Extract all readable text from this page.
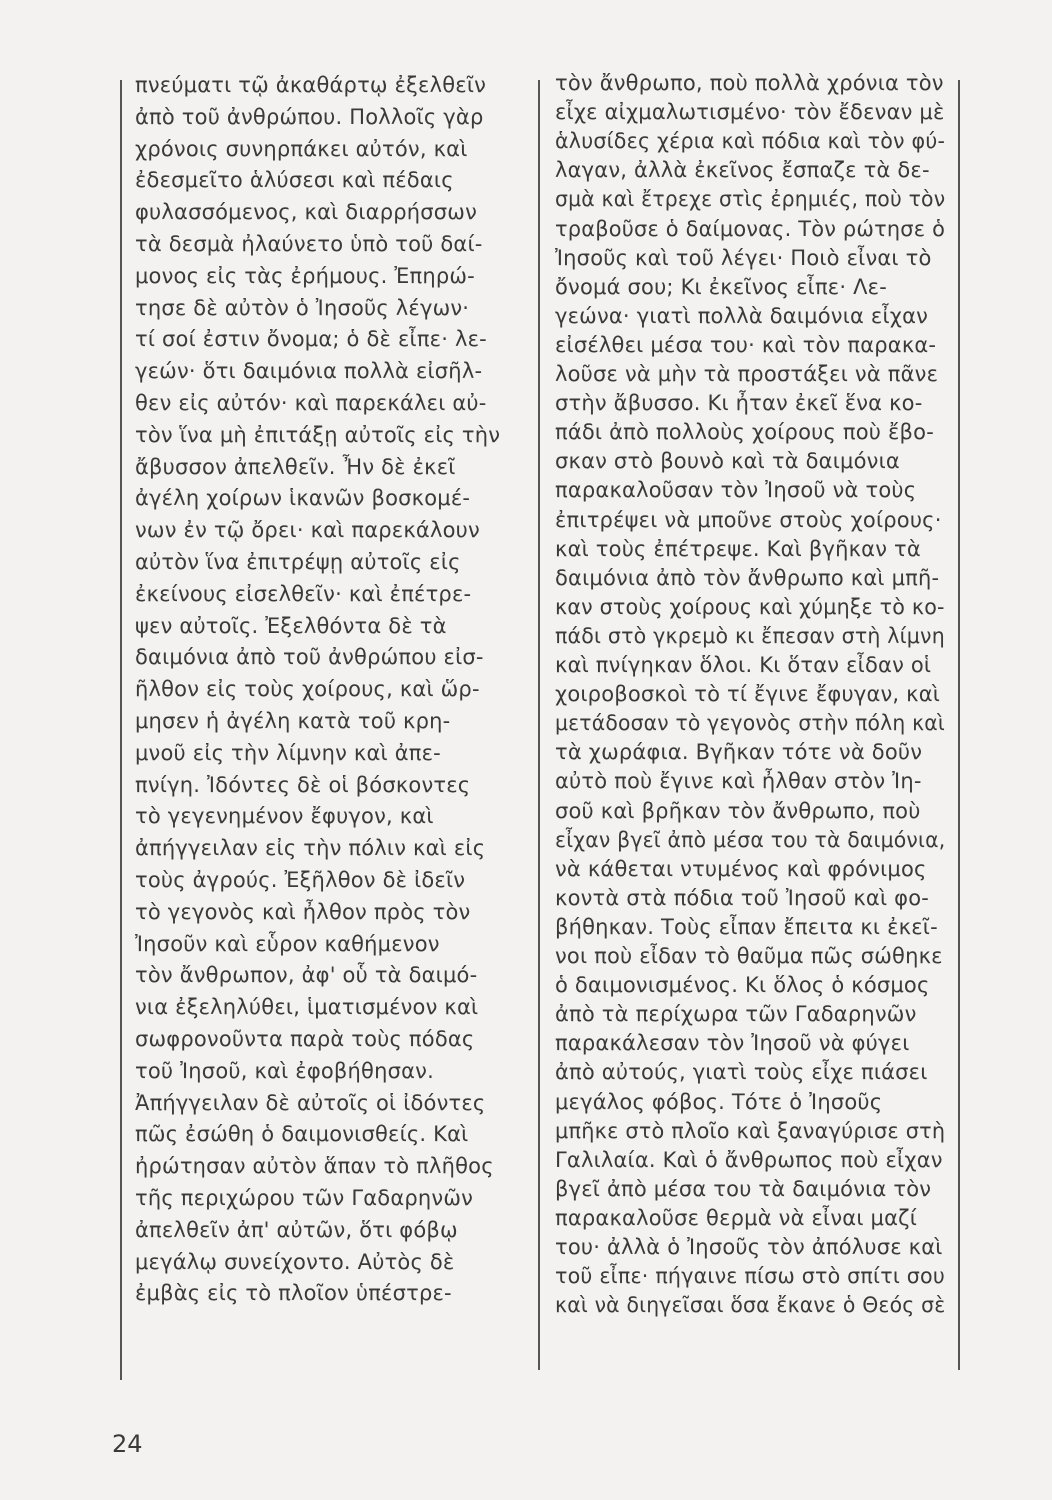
πνεύματι τῷ ἀκαθάρτῳ ἐξελθεῖν
ἀπὸ τοῦ ἀνθρώπου. Πολλοῖς γὰρ
χρόνοις συνηρπάκει αὐτόν, καὶ
ἐδεσμεῖτο ἁλύσεσι καὶ πέδαις
φυλασσόμενος, καὶ διαρρήσσων
τὰ δεσμὰ ἠλαύνετο ὑπὸ τοῦ δαί-
μονος εἰς τὰς ἐρήμους. Ἐπηρώ-
τησε δὲ αὐτὸν ὁ Ἰησοῦς λέγων·
τί σοί ἐστιν ὄνομα; ὁ δὲ εἶπε· λε-
γεών· ὅτι δαιμόνια πολλὰ εἰσῆλ-
θεν εἰς αὐτόν· καὶ παρεκάλει αὐ-
τὸν ἵνα μὴ ἐπιτάξῃ αὐτοῖς εἰς τὴν
ἄβυσσον ἀπελθεῖν. Ἦν δὲ ἐκεῖ
ἀγέλη χοίρων ἱκανῶν βοσκομέ-
νων ἐν τῷ ὄρει· καὶ παρεκάλουν
αὐτὸν ἵνα ἐπιτρέψῃ αὐτοῖς εἰς
ἐκείνους εἰσελθεῖν· καὶ ἐπέτρε-
ψεν αὐτοῖς. Ἐξελθόντα δὲ τὰ
δαιμόνια ἀπὸ τοῦ ἀνθρώπου εἰσ-
ῆλθον εἰς τοὺς χοίρους, καὶ ὥρ-
μησεν ἡ ἀγέλη κατὰ τοῦ κρη-
μνοῦ εἰς τὴν λίμνην καὶ ἀπε-
πνίγη. Ἰδόντες δὲ οἱ βόσκοντες
τὸ γεγενημένον ἔφυγον, καὶ
ἀπήγγειλαν εἰς τὴν πόλιν καὶ εἰς
τοὺς ἀγρούς. Ἐξῆλθον δὲ ἰδεῖν
τὸ γεγονὸς καὶ ἦλθον πρὸς τὸν
Ἰησοῦν καὶ εὗρον καθήμενον
τὸν ἄνθρωπον, ἀφ' οὗ τὰ δαιμό-
νια ἐξεληλύθει, ἱματισμένον καὶ
σωφρονοῦντα παρὰ τοὺς πόδας
τοῦ Ἰησοῦ, καὶ ἐφοβήθησαν.
Ἀπήγγειλαν δὲ αὐτοῖς οἱ ἰδόντες
πῶς ἐσώθη ὁ δαιμονισθείς. Καὶ
ἠρώτησαν αὐτὸν ἅπαν τὸ πλῆθος
τῆς περιχώρου τῶν Γαδαρηνῶν
ἀπελθεῖν ἀπ' αὐτῶν, ὅτι φόβῳ
μεγάλῳ συνείχοντο. Αὐτὸς δὲ
ἐμβὰς εἰς τὸ πλοῖον ὑπέστρε-
τὸν ἄνθρωπο, ποὺ πολλὰ χρόνια τὸν
εἶχε αἰχμαλωτισμένο· τὸν ἔδεναν μὲ
ἁλυσίδες χέρια καὶ πόδια καὶ τὸν φύ-
λαγαν, ἀλλὰ ἐκεῖνος ἔσπαζε τὰ δε-
σμὰ καὶ ἔτρεχε στὶς ἐρημιές, ποὺ τὸν
τραβοῦσε ὁ δαίμονας. Τὸν ρώτησε ὁ
Ἰησοῦς καὶ τοῦ λέγει· Ποιὸ εἶναι τὸ
ὄνομά σου; Κι ἐκεῖνος εἶπε· Λε-
γεώνα· γιατὶ πολλὰ δαιμόνια εἶχαν
εἰσέλθει μέσα του· καὶ τὸν παρακα-
λοῦσε νὰ μὴν τὰ προστάξει νὰ πᾶνε
στὴν ἄβυσσο. Κι ἦταν ἐκεῖ ἕνα κο-
πάδι ἀπὸ πολλοὺς χοίρους ποὺ ἔβο-
σκαν στὸ βουνὸ καὶ τὰ δαιμόνια
παρακαλοῦσαν τὸν Ἰησοῦ νὰ τοὺς
ἐπιτρέψει νὰ μποῦνε στοὺς χοίρους·
καὶ τοὺς ἐπέτρεψε. Καὶ βγῆκαν τὰ
δαιμόνια ἀπὸ τὸν ἄνθρωπο καὶ μπῆ-
καν στοὺς χοίρους καὶ χύμηξε τὸ κο-
πάδι στὸ γκρεμὸ κι ἔπεσαν στὴ λίμνη
καὶ πνίγηκαν ὅλοι. Κι ὅταν εἶδαν οἱ
χοιροβοσκοὶ τὸ τί ἔγινε ἔφυγαν, καὶ
μετάδοσαν τὸ γεγονὸς στὴν πόλη καὶ
τὰ χωράφια. Βγῆκαν τότε νὰ δοῦν
αὐτὸ ποὺ ἔγινε καὶ ἦλθαν στὸν Ἰη-
σοῦ καὶ βρῆκαν τὸν ἄνθρωπο, ποὺ
εἶχαν βγεῖ ἀπὸ μέσα του τὰ δαιμόνια,
νὰ κάθεται ντυμένος καὶ φρόνιμος
κοντὰ στὰ πόδια τοῦ Ἰησοῦ καὶ φο-
βήθηκαν. Τοὺς εἶπαν ἔπειτα κι ἐκεῖ-
νοι ποὺ εἶδαν τὸ θαῦμα πῶς σώθηκε
ὁ δαιμονισμένος. Κι ὅλος ὁ κόσμος
ἀπὸ τὰ περίχωρα τῶν Γαδαρηνῶν
παρακάλεσαν τὸν Ἰησοῦ νὰ φύγει
ἀπὸ αὐτούς, γιατὶ τοὺς εἶχε πιάσει
μεγάλος φόβος. Τότε ὁ Ἰησοῦς
μπῆκε στὸ πλοῖο καὶ ξαναγύρισε στὴ
Γαλιλαία. Καὶ ὁ ἄνθρωπος ποὺ εἶχαν
βγεῖ ἀπὸ μέσα του τὰ δαιμόνια τὸν
παρακαλοῦσε θερμὰ νὰ εἶναι μαζί
του· ἀλλὰ ὁ Ἰησοῦς τὸν ἀπόλυσε καὶ
τοῦ εἶπε· πήγαινε πίσω στὸ σπίτι σου
καὶ νὰ διηγεῖσαι ὅσα ἔκανε ὁ Θεός σὲ
24
